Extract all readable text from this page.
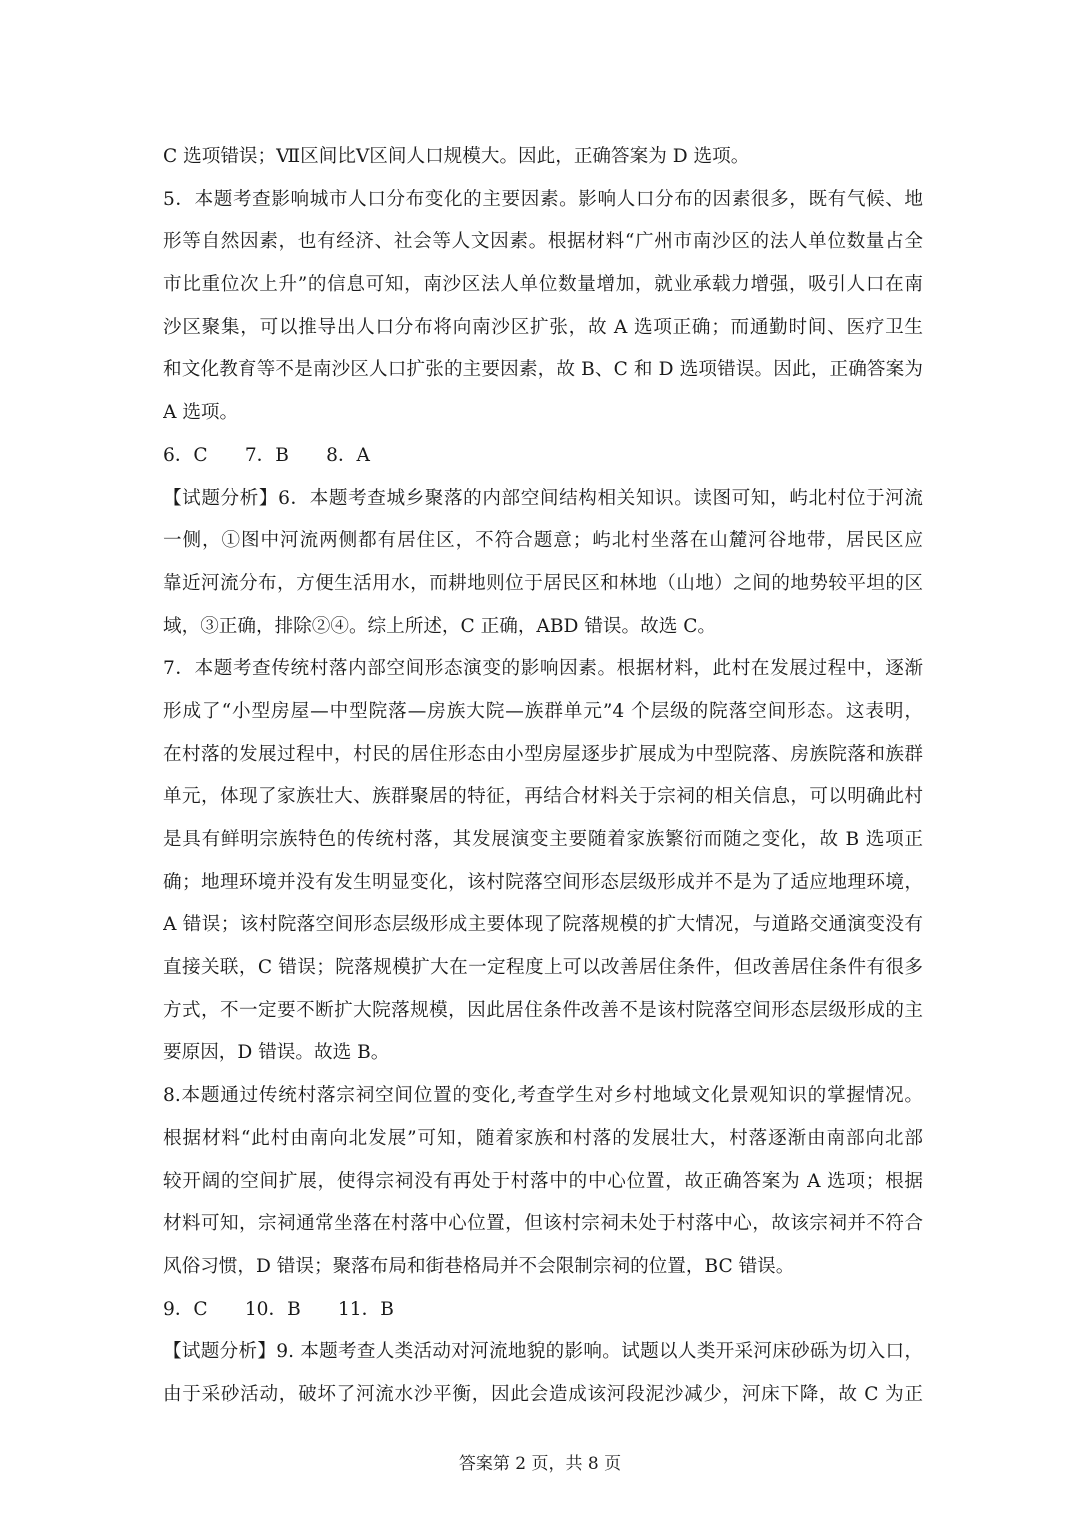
C 选项错误；Ⅶ区间比Ⅴ区间人口规模大。因此，正确答案为 D 选项。
5．本题考查影响城市人口分布变化的主要因素。影响人口分布的因素很多，既有气候、地
形等自然因素，也有经济、社会等人文因素。根据材料“广州市南沙区的法人单位数量占全
市比重位次上升”的信息可知，南沙区法人单位数量增加，就业承载力增强，吸引人口在南
沙区聚集，可以推导出人口分布将向南沙区扩张，故 A 选项正确；而通勤时间、医疗卫生
和文化教育等不是南沙区人口扩张的主要因素，故 B、C 和 D 选项错误。因此，正确答案为
A 选项。
6．C　　7．B　　8．A
【试题分析】6．本题考查城乡聚落的内部空间结构相关知识。读图可知，屿北村位于河流
一侧，①图中河流两侧都有居住区，不符合题意；屿北村坐落在山麓河谷地带，居民区应
靠近河流分布，方便生活用水，而耕地则位于居民区和林地（山地）之间的地势较平坦的区
域，③正确，排除②④。综上所述，C 正确，ABD 错误。故选 C。
7．本题考查传统村落内部空间形态演变的影响因素。根据材料，此村在发展过程中，逐渐
形成了“小型房屋—中型院落—房族大院—族群单元”4 个层级的院落空间形态。这表明，
在村落的发展过程中，村民的居住形态由小型房屋逐步扩展成为中型院落、房族院落和族群
单元，体现了家族壮大、族群聚居的特征，再结合材料关于宗祠的相关信息，可以明确此村
是具有鲜明宗族特色的传统村落，其发展演变主要随着家族繁衍而随之变化，故 B 选项正
确；地理环境并没有发生明显变化，该村院落空间形态层级形成并不是为了适应地理环境，
A 错误；该村院落空间形态层级形成主要体现了院落规模的扩大情况，与道路交通演变没有
直接关联，C 错误；院落规模扩大在一定程度上可以改善居住条件，但改善居住条件有很多
方式，不一定要不断扩大院落规模，因此居住条件改善不是该村院落空间形态层级形成的主
要原因，D 错误。故选 B。
8.本题通过传统村落宗祠空间位置的变化,考查学生对乡村地域文化景观知识的掌握情况。
根据材料“此村由南向北发展”可知，随着家族和村落的发展壮大，村落逐渐由南部向北部
较开阔的空间扩展，使得宗祠没有再处于村落中的中心位置，故正确答案为 A 选项；根据
材料可知，宗祠通常坐落在村落中心位置，但该村宗祠未处于村落中心，故该宗祠并不符合
风俗习惯，D 错误；聚落布局和街巷格局并不会限制宗祠的位置，BC 错误。
9．C　　10．B　　11．B
【试题分析】9. 本题考查人类活动对河流地貌的影响。试题以人类开采河床砂砾为切入口，
由于采砂活动，破坏了河流水沙平衡，因此会造成该河段泥沙减少，河床下降，故 C 为正
答案第 2 页，共 8 页
